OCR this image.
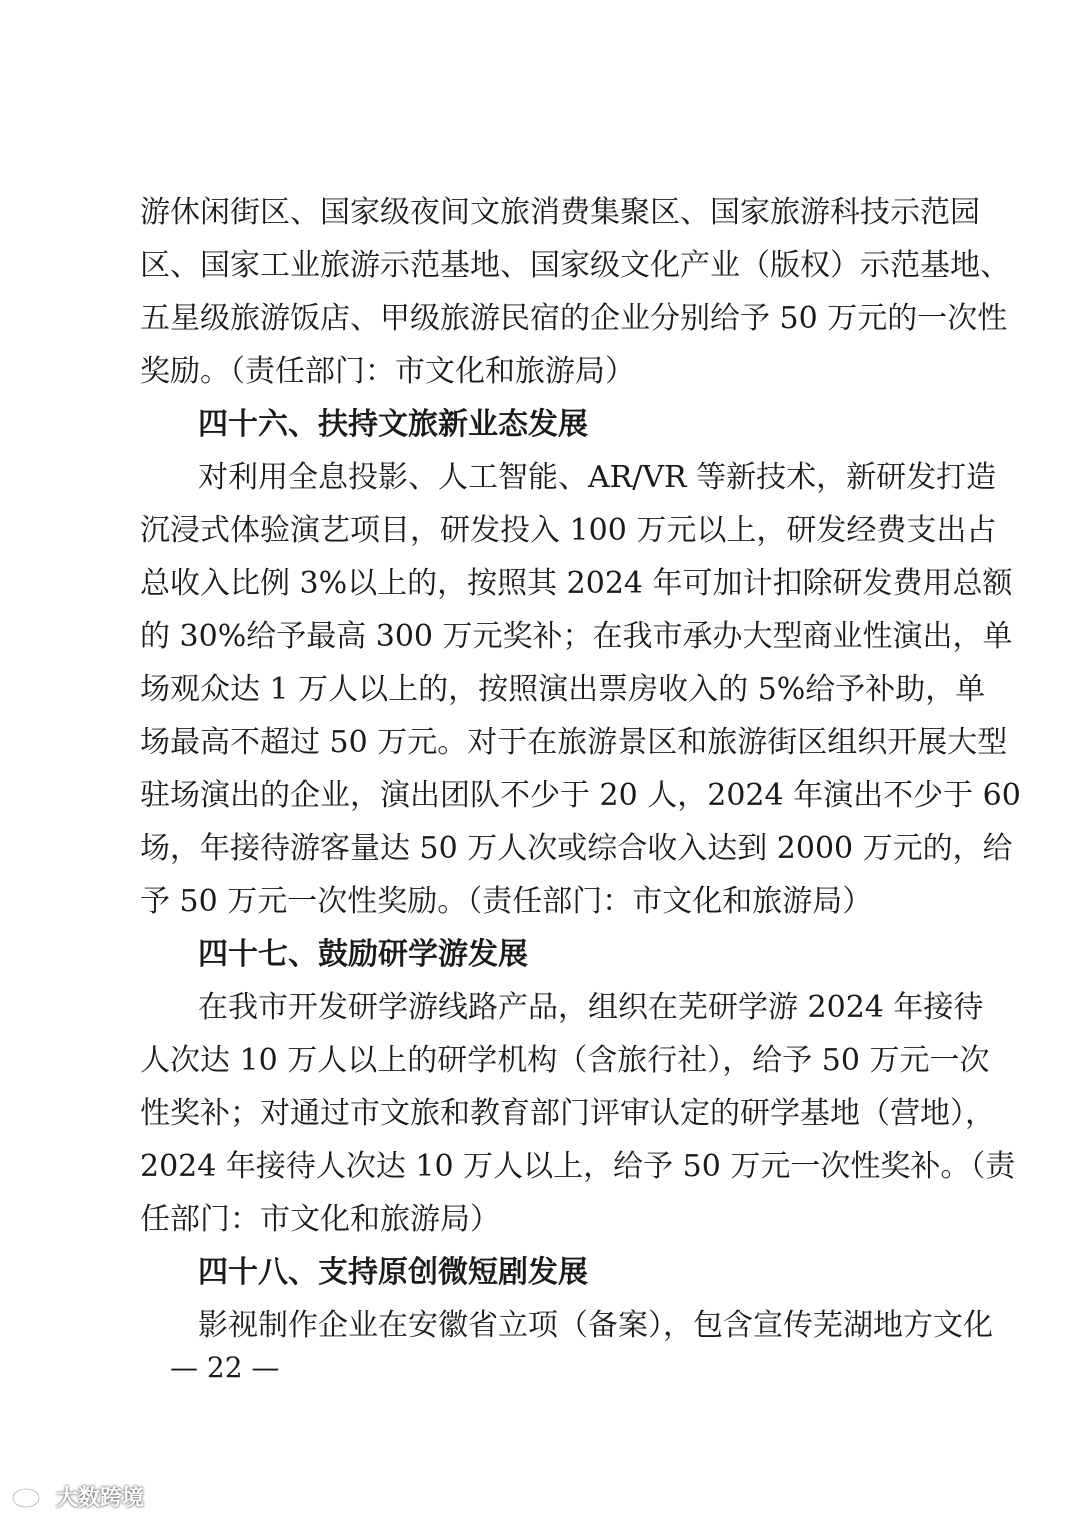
游休闲街区、国家级夜间文旅消费集聚区、国家旅游科技示范园
区、国家工业旅游示范基地、国家级文化产业（版权）示范基地、
五星级旅游饭店、甲级旅游民宿的企业分别给予 50 万元的一次性
奖励。（责任部门：市文化和旅游局）
四十六、扶持文旅新业态发展
对利用全息投影、人工智能、AR/VR 等新技术，新研发打造
沉浸式体验演艺项目，研发投入 100 万元以上，研发经费支出占
总收入比例 3%以上的，按照其 2024 年可加计扣除研发费用总额
的 30%给予最高 300 万元奖补；在我市承办大型商业性演出，单
场观众达 1 万人以上的，按照演出票房收入的 5%给予补助，单
场最高不超过 50 万元。对于在旅游景区和旅游街区组织开展大型
驻场演出的企业，演出团队不少于 20 人，2024 年演出不少于 60
场，年接待游客量达 50 万人次或综合收入达到 2000 万元的，给
予 50 万元一次性奖励。（责任部门：市文化和旅游局）
四十七、鼓励研学游发展
在我市开发研学游线路产品，组织在芜研学游 2024 年接待
人次达 10 万人以上的研学机构（含旅行社），给予 50 万元一次
性奖补；对通过市文旅和教育部门评审认定的研学基地（营地），
2024 年接待人次达 10 万人以上，给予 50 万元一次性奖补。（责
任部门：市文化和旅游局）
四十八、支持原创微短剧发展
影视制作企业在安徽省立项（备案），包含宣传芜湖地方文化
— 22 —
大数跨境
